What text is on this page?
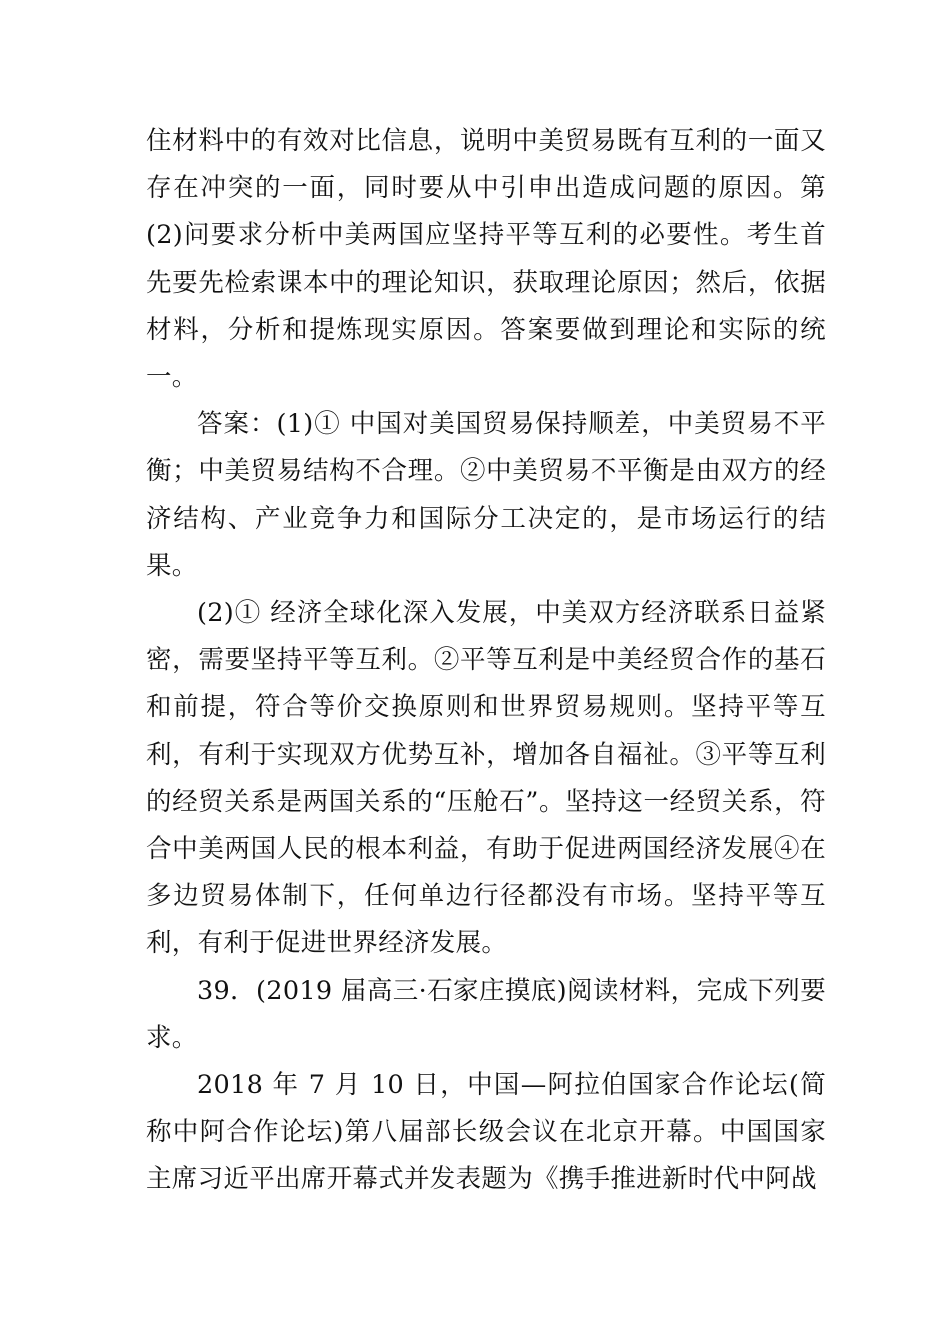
住材料中的有效对比信息，说明中美贸易既有互利的一面又存在冲突的一面，同时要从中引申出造成问题的原因。第(2)问要求分析中美两国应坚持平等互利的必要性。考生首先要先检索课本中的理论知识，获取理论原因；然后，依据材料，分析和提炼现实原因。答案要做到理论和实际的统一。

答案：(1)① 中国对美国贸易保持顺差，中美贸易不平衡；中美贸易结构不合理。②中美贸易不平衡是由双方的经济结构、产业竞争力和国际分工决定的，是市场运行的结果。

(2)① 经济全球化深入发展，中美双方经济联系日益紧密，需要坚持平等互利。②平等互利是中美经贸合作的基石和前提，符合等价交换原则和世界贸易规则。坚持平等互利，有利于实现双方优势互补，增加各自福祉。③平等互利的经贸关系是两国关系的“压舱石”。坚持这一经贸关系，符合中美两国人民的根本利益，有助于促进两国经济发展④在多边贸易体制下，任何单边行径都没有市场。坚持平等互利，有利于促进世界经济发展。

39．(2019 届高三·石家庄摸底)阅读材料，完成下列要求。

2018 年 7 月 10 日，中国—阿拉伯国家合作论坛(简称中阿合作论坛)第八届部长级会议在北京开幕。中国国家主席习近平出席开幕式并发表题为《携手推进新时代中阿战
